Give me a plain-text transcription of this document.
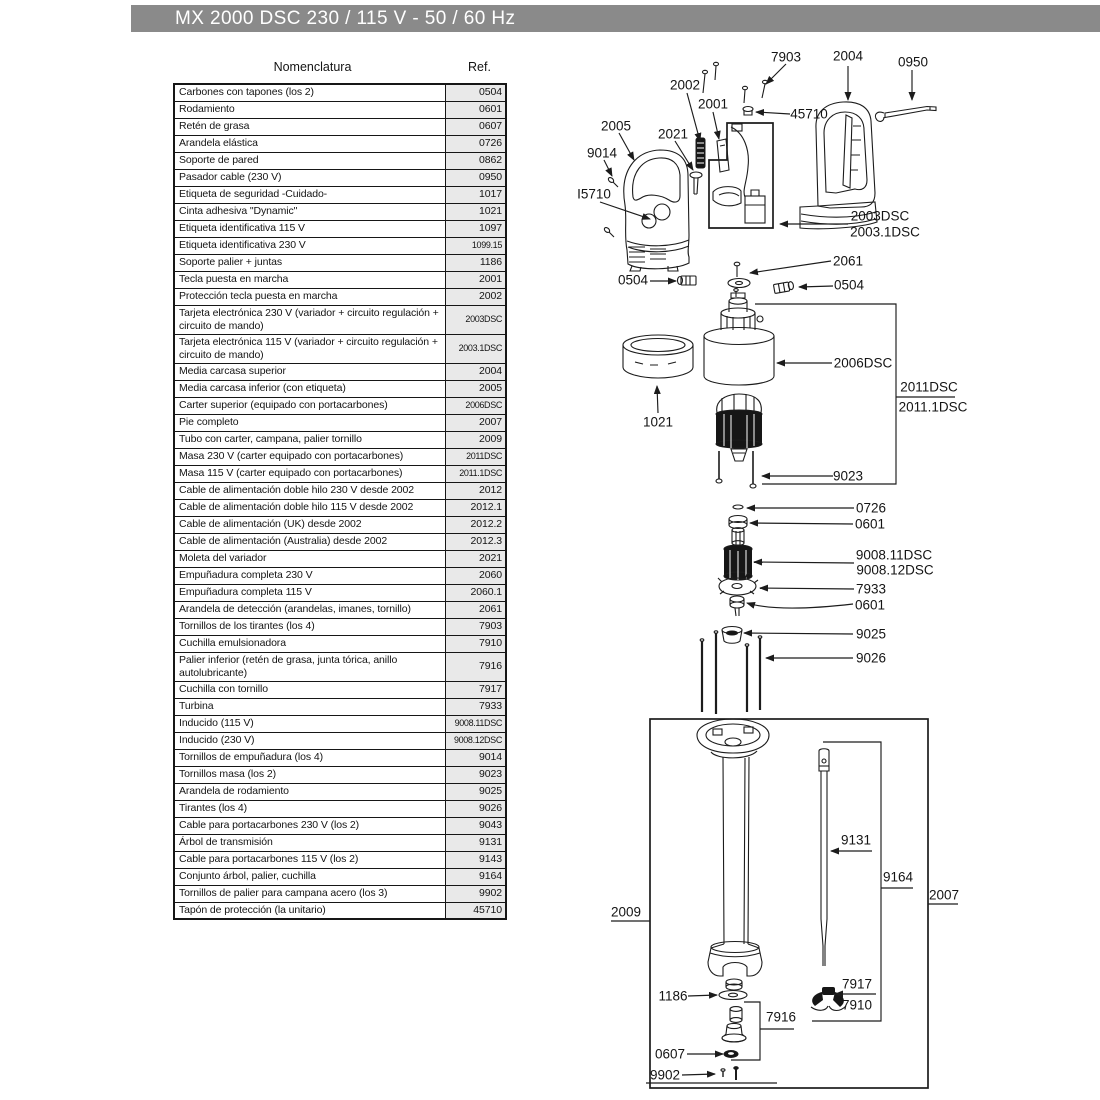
MX 2000 DSC 230 / 115 V - 50 / 60 Hz
Nomenclatura	Ref.
Carbones con tapones (los 2)	0504
Rodamiento	0601
Retén de grasa	0607
Arandela elástica	0726
Soporte de pared	0862
Pasador cable (230 V)	0950
Etiqueta de seguridad -Cuidado-	1017
Cinta adhesiva "Dynamic"	1021
Etiqueta identificativa 115 V	1097
Etiqueta identificativa 230 V	1099.15
Soporte palier + juntas	1186
Tecla puesta en marcha	2001
Protección tecla puesta en marcha	2002
Tarjeta electrónica 230 V (variador + circuito regulación + circuito de mando)	2003DSC
Tarjeta electrónica 115 V (variador + circuito regulación + circuito de mando)	2003.1DSC
Media carcasa superior	2004
Media carcasa inferior (con etiqueta)	2005
Carter superior (equipado con portacarbones)	2006DSC
Pie completo	2007
Tubo con carter, campana, palier tornillo	2009
Masa 230 V (carter equipado con portacarbones)	2011DSC
Masa 115 V (carter equipado con portacarbones)	2011.1DSC
Cable de alimentación doble hilo 230 V desde 2002	2012
Cable de alimentación doble hilo 115 V desde 2002	2012.1
Cable de alimentación (UK) desde 2002	2012.2
Cable de alimentación (Australia) desde 2002	2012.3
Moleta del variador	2021
Empuñadura completa 230 V	2060
Empuñadura completa 115 V	2060.1
Arandela de detección (arandelas, imanes, tornillo)	2061
Tornillos de los tirantes (los 4)	7903
Cuchilla emulsionadora	7910
Palier inferior (retén de grasa, junta tórica, anillo autolubricante)	7916
Cuchilla con tornillo	7917
Turbina	7933
Inducido (115 V)	9008.11DSC
Inducido (230 V)	9008.12DSC
Tornillos de empuñadura (los 4)	9014
Tornillos masa (los 2)	9023
Arandela de rodamiento	9025
Tirantes (los 4)	9026
Cable para portacarbones 230 V (los 2)	9043
Árbol de transmisión	9131
Cable para portacarbones 115 V (los 2)	9143
Conjunto árbol, palier, cuchilla	9164
Tornillos de palier para campana acero (los 3)	9902
Tapón de protección (la unitario)	45710
7903 2004	0950
2002
2001
45710
2005
2021
9014
I5710
2003DSC
2003.1DSC
0504
2061
0504
2006DSC
2011DSC
2011.1DSC
1021
9023
0726
0601
9008.11DSC
9008.12DSC
7933
0601
9025
9026
9131
9164
2009
2007
1186
7917
7910
7916
0607
9902
